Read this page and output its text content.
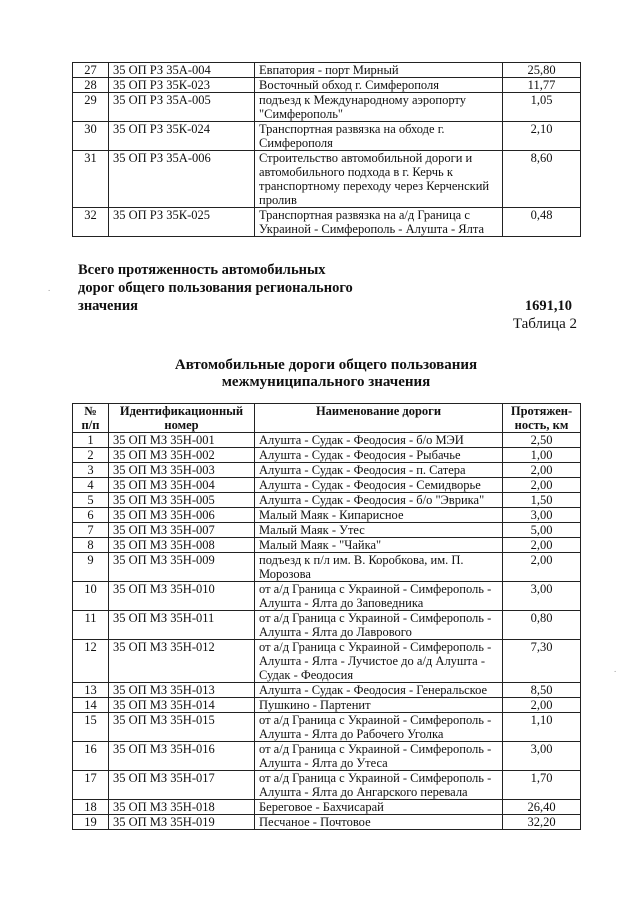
27	35 ОП РЗ 35А-004	Евпатория - порт Мирный	25,80
28	35 ОП РЗ 35К-023	Восточный обход г. Симферополя	11,77
29	35 ОП РЗ 35А-005	подъезд к Международному аэропорту "Симферополь"	1,05
30	35 ОП РЗ 35К-024	Транспортная развязка на обходе г. Симферополя	2,10
31	35 ОП РЗ 35А-006	Строительство автомобильной дороги и автомобильного подхода в г. Керчь к транспортному переходу через Керченский пролив	8,60
32	35 ОП РЗ 35К-025	Транспортная развязка на а/д Граница с Украиной - Симферополь - Алушта - Ялта	0,48
Всего протяженность автомобильных дорог общего пользования регионального значения	1691,10
Таблица 2
Автомобильные дороги общего пользования межмуниципального значения
№ п/п	Идентификационный номер	Наименование дороги	Протяжен-ность, км
1	35 ОП МЗ 35Н-001	Алушта - Судак - Феодосия - б/о МЭИ	2,50
2	35 ОП МЗ 35Н-002	Алушта - Судак - Феодосия - Рыбачье	1,00
3	35 ОП МЗ 35Н-003	Алушта - Судак - Феодосия - п. Сатера	2,00
4	35 ОП МЗ 35Н-004	Алушта - Судак - Феодосия - Семидворье	2,00
5	35 ОП МЗ 35Н-005	Алушта - Судак - Феодосия - б/о "Эврика"	1,50
6	35 ОП МЗ 35Н-006	Малый Маяк - Кипарисное	3,00
7	35 ОП МЗ 35Н-007	Малый Маяк - Утес	5,00
8	35 ОП МЗ 35Н-008	Малый Маяк - "Чайка"	2,00
9	35 ОП МЗ 35Н-009	подъезд к п/л им. В. Коробкова, им. П. Морозова	2,00
10	35 ОП МЗ 35Н-010	от а/д Граница с Украиной - Симферополь - Алушта - Ялта до Заповедника	3,00
11	35 ОП МЗ 35Н-011	от а/д Граница с Украиной - Симферополь - Алушта - Ялта до Лаврового	0,80
12	35 ОП МЗ 35Н-012	от а/д Граница с Украиной - Симферополь - Алушта - Ялта - Лучистое до а/д Алушта - Судак - Феодосия	7,30
13	35 ОП МЗ 35Н-013	Алушта - Судак - Феодосия - Генеральское	8,50
14	35 ОП МЗ 35Н-014	Пушкино - Партенит	2,00
15	35 ОП МЗ 35Н-015	от а/д Граница с Украиной - Симферополь - Алушта - Ялта до Рабочего Уголка	1,10
16	35 ОП МЗ 35Н-016	от а/д Граница с Украиной - Симферополь - Алушта - Ялта до Утеса	3,00
17	35 ОП МЗ 35Н-017	от а/д Граница с Украиной - Симферополь - Алушта - Ялта до Ангарского перевала	1,70
18	35 ОП МЗ 35Н-018	Береговое - Бахчисарай	26,40
19	35 ОП МЗ 35Н-019	Песчаное - Почтовое	32,20
.
.
